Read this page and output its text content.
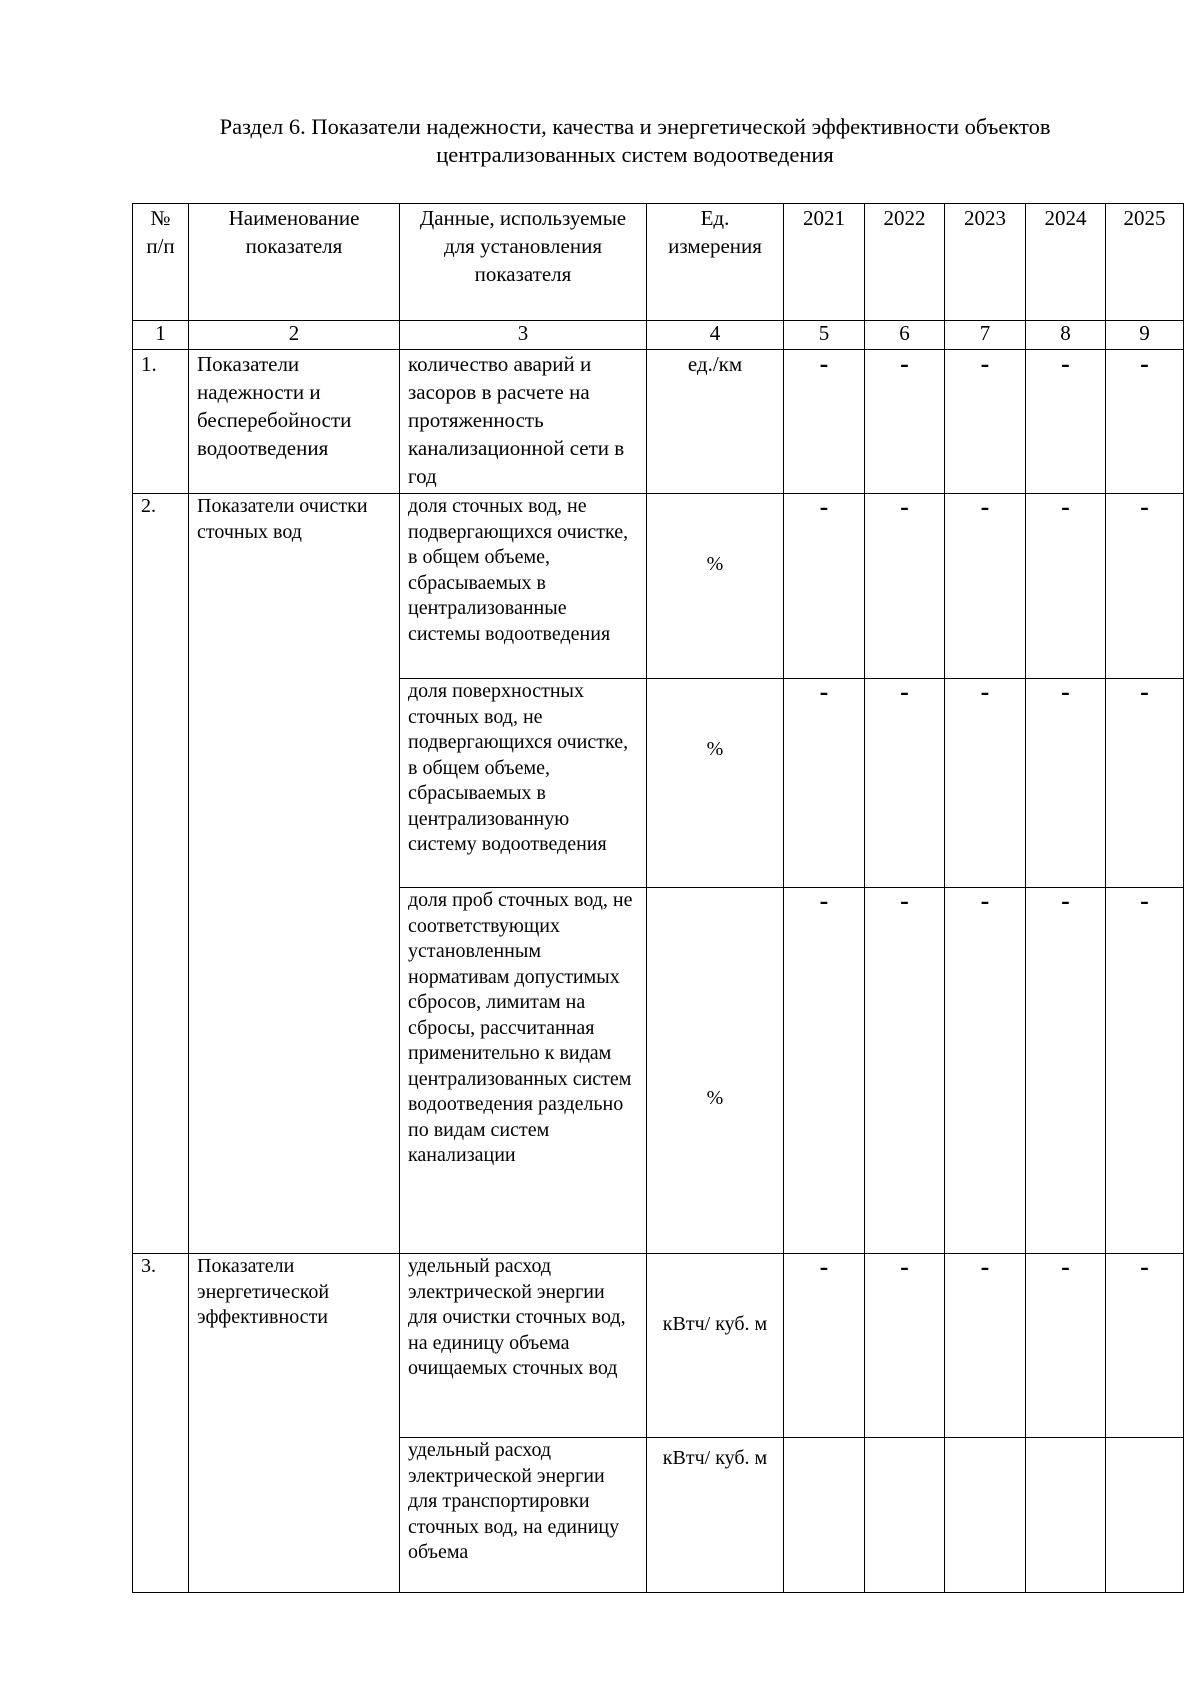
Раздел 6. Показатели надежности, качества и энергетической эффективности объектов
централизованных систем водоотведения
№ п/п	Наименование показателя	Данные, используемые для установления показателя	Ед. измерения	2021	2022	2023	2024	2025
1	2	3	4	5	6	7	8	9
1.	Показатели надежности и бесперебойности водоотведения	количество аварий и засоров в расчете на протяженность канализационной сети в год	ед./км	-	-	-	-	-
2.	Показатели очистки сточных вод	доля сточных вод, не подвергающихся очистке, в общем объеме, сбрасываемых в централизованные системы водоотведения	%	-	-	-	-	-
		доля поверхностных сточных вод, не подвергающихся очистке, в общем объеме, сбрасываемых в централизованную систему водоотведения	%	-	-	-	-	-
		доля проб сточных вод, не соответствующих установленным нормативам допустимых сбросов, лимитам на сбросы, рассчитанная применительно к видам централизованных систем водоотведения раздельно по видам систем канализации	%	-	-	-	-	-
3.	Показатели энергетической эффективности	удельный расход электрической энергии для очистки сточных вод, на единицу объема очищаемых сточных вод	кВтч/ куб. м	-	-	-	-	-
		удельный расход электрической энергии для транспортировки сточных вод, на единицу объема	кВтч/ куб. м					
